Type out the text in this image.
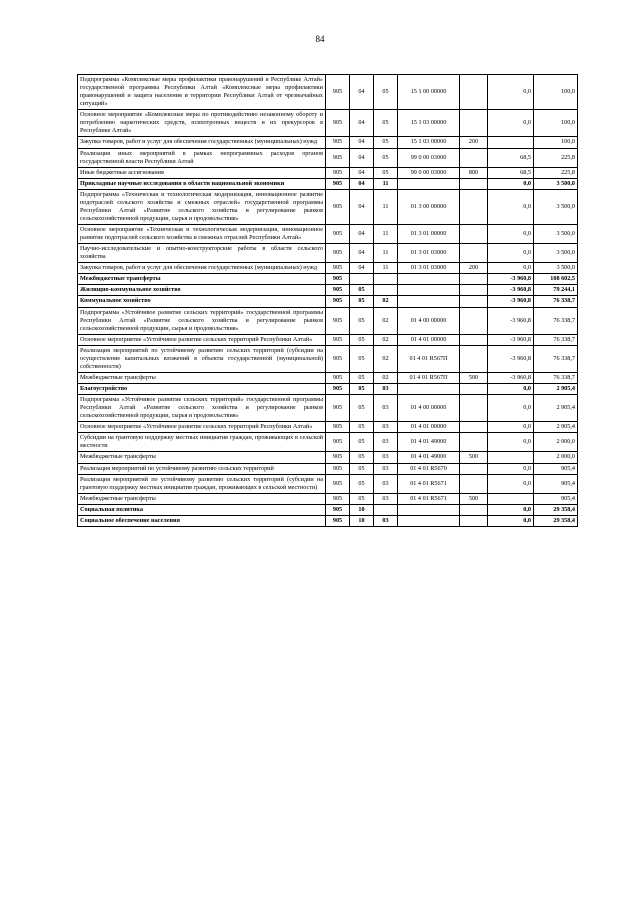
84
Подпрограмма «Комплексные меры профилактики правонарушений в Республике Алтай» государственной программы Республики Алтай «Комплексные меры профилактики правонарушений и защита населения и территории Республики Алтай от чрезвычайных ситуаций»	905	04	05	15 1 00 00000		0,0	100,0
Основное мероприятие «Комплексные меры по противодействию незаконному обороту и потреблению наркотических средств, психотропных веществ и их прекурсоров в Республике Алтай»	905	04	05	15 1 03 00000		0,0	100,0
Закупка товаров, работ и услуг для обеспечения государственных (муниципальных) нужд	905	04	05	15 1 03 00000	200		100,0
Реализация иных мероприятий в рамках непрограммных расходов органов государственной власти Республики Алтай	905	04	05	99 0 00 03000		68,5	225,8
Иные бюджетные ассигнования	905	04	05	99 0 00 03000	800	68,5	225,8
Прикладные научные исследования в области национальной экономики	905	04	11			0,0	3 500,0
Подпрограмма «Техническая и технологическая модернизация, инновационное развитие подотраслей сельского хозяйства и смежных отраслей» государственной программы Республики Алтай «Развитие сельского хозяйства и регулирование рынков сельскохозяйственной продукции, сырья и продовольствия»	905	04	11	01 3 00 00000		0,0	3 500,0
Основное мероприятие «Техническая и технологическая модернизация, инновационное развитие подотраслей сельского хозяйства и смежных отраслей Республики Алтай»	905	04	11	01 3 01 00000		0,0	3 500,0
Научно-исследовательские и опытно-конструкторские работы в области сельского хозяйства	905	04	11	01 3 01 03000		0,0	3 500,0
Закупка товаров, работ и услуг для обеспечения государственных (муниципальных) нужд	905	04	11	01 3 01 03000	200	0,0	3 500,0
Межбюджетные трансферты	905					-3 960,8	108 602,5
Жилищно-коммунальное хозяйство	905	05				-3 960,8	79 244,1
Коммунальное хозяйство	905	05	02			-3 960,8	76 338,7
Подпрограмма «Устойчивое развитие сельских территорий» государственной программы Республики Алтай «Развитие сельского хозяйства и регулирование рынков сельскохозяйственной продукции, сырья и продовольствия»	905	05	02	01 4 00 00000		-3 960,8	76 338,7
Основное мероприятие «Устойчивое развитие сельских территорий Республики Алтай»	905	05	02	01 4 01 00000		-3 960,8	76 338,7
Реализация мероприятий по устойчивому развитию сельских территорий (субсидии на осуществление капитальных вложений в объекты государственной (муниципальной) собственности)	905	05	02	01 4 01 R567П		-3 960,8	76 338,7
Межбюджетные трансферты	905	05	02	01 4 01 R567П	500	-3 960,8	76 338,7
Благоустройство	905	05	03			0,0	2 905,4
Подпрограмма «Устойчивое развитие сельских территорий» государственной программы Республики Алтай «Развитие сельского хозяйства и регулирование рынков сельскохозяйственной продукции, сырья и продовольствия»	905	05	03	01 4 00 00000		0,0	2 905,4
Основное мероприятие «Устойчивое развитие сельских территорий Республики Алтай»	905	05	03	01 4 01 00000		0,0	2 905,4
Субсидии на грантовую поддержку местных инициатив граждан, проживающих в сельской местности	905	05	03	01 4 01 49000		0,0	2 000,0
Межбюджетные трансферты	905	05	03	01 4 01 49000	500		2 000,0
Реализация мероприятий по устойчивому развитию сельских территорий	905	05	03	01 4 01 R5670		0,0	905,4
Реализация мероприятий по устойчивому развитию сельских территорий (субсидии на грантовую поддержку местных инициатив граждан, проживающих в сельской местности)	905	05	03	01 4 01 R5671		0,0	905,4
Межбюджетные трансферты	905	05	03	01 4 01 R5671	500		905,4
Социальная политика	905	10				0,0	29 358,4
Социальное обеспечение населения	905	10	03			0,0	29 358,4
